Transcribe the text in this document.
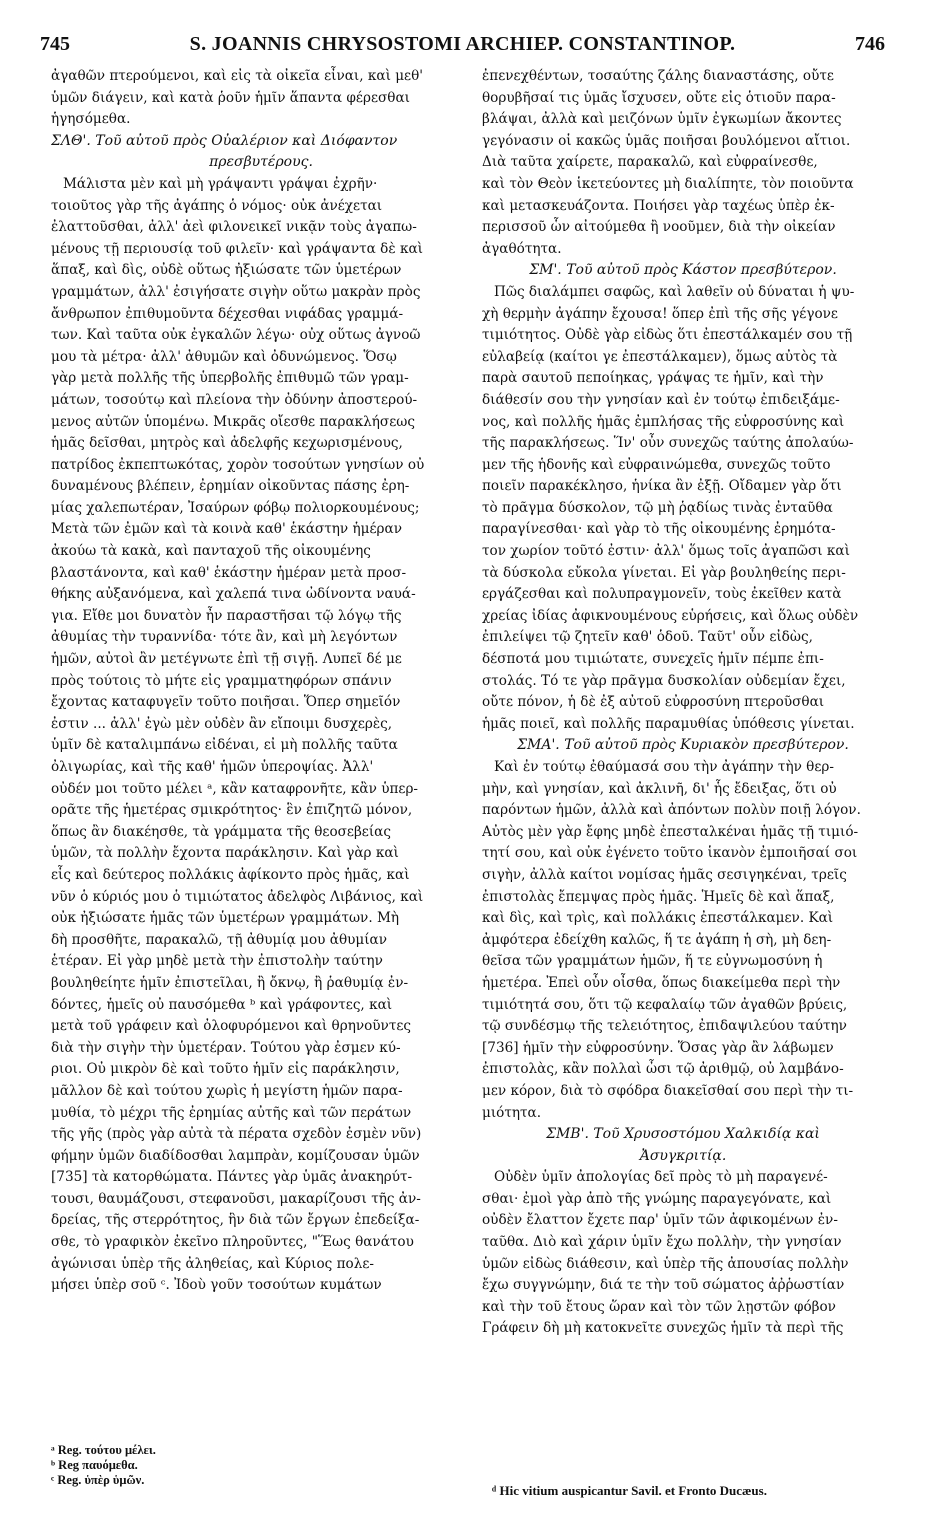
745	S. JOANNIS CHRYSOSTOMI ARCHIEP. CONSTANTINOP.	746
ἀγαθῶν πτερούμενοι, καὶ εἰς τὰ οἰκεῖα εἶναι, καὶ μεθ'
ὑμῶν διάγειν, καὶ κατὰ ῥοῦν ἡμῖν ἅπαντα φέρεσθαι
ἡγησόμεθα.
ΣΛΘ'. Τοῦ αὐτοῦ πρὸς Οὐαλέριον καὶ Διόφαντον
πρεσβυτέρους.
Μάλιστα μὲν καὶ μὴ γράψαντι γράψαι ἐχρῆν·
τοιοῦτος γὰρ τῆς ἀγάπης ὁ νόμος· οὐκ ἀνέχεται
ἐλαττοῦσθαι, ἀλλ' ἀεὶ φιλονεικεῖ νικᾷν τοὺς ἀγαπω-
μένους τῇ περιουσίᾳ τοῦ φιλεῖν· καὶ γράψαντα δὲ καὶ
ἅπαξ, καὶ δὶς, οὐδὲ οὕτως ἠξιώσατε τῶν ὑμετέρων
γραμμάτων, ἀλλ' ἐσιγήσατε σιγὴν οὕτω μακρὰν πρὸς
ἄνθρωπον ἐπιθυμοῦντα δέχεσθαι νιφάδας γραμμά-
των. Καὶ ταῦτα οὐκ ἐγκαλῶν λέγω· οὐχ οὕτως ἀγνοῶ
μου τὰ μέτρα· ἀλλ' ἀθυμῶν καὶ ὀδυνώμενος. Ὅσῳ
γὰρ μετὰ πολλῆς τῆς ὑπερβολῆς ἐπιθυμῶ τῶν γραμ-
μάτων, τοσούτῳ καὶ πλείονα τὴν ὀδύνην ἀποστερού-
μενος αὐτῶν ὑπομένω. Μικρᾶς οἴεσθε παρακλήσεως
ἡμᾶς δεῖσθαι, μητρὸς καὶ ἀδελφῆς κεχωρισμένους,
πατρίδος ἐκπεπτωκότας, χορὸν τοσούτων γνησίων οὐ
δυναμένους βλέπειν, ἐρημίαν οἰκοῦντας πάσης ἐρη-
μίας χαλεπωτέραν, Ἰσαύρων φόβῳ πολιορκουμένους;
Μετὰ τῶν ἐμῶν καὶ τὰ κοινὰ καθ' ἑκάστην ἡμέραν
ἀκούω τὰ κακὰ, καὶ πανταχοῦ τῆς οἰκουμένης
βλαστάνοντα, καὶ καθ' ἑκάστην ἡμέραν μετὰ προσ-
θήκης αὐξανόμενα, καὶ χαλεπά τινα ὠδίνοντα ναυά-
για. Εἴθε μοι δυνατὸν ἦν παραστῆσαι τῷ λόγῳ τῆς
ἀθυμίας τὴν τυραννίδα· τότε ἂν, καὶ μὴ λεγόντων
ἡμῶν, αὐτοὶ ἂν μετέγνωτε ἐπὶ τῇ σιγῇ. Λυπεῖ δέ με
πρὸς τούτοις τὸ μήτε εἰς γραμματηφόρων σπάνιν
ἔχοντας καταφυγεῖν τοῦτο ποιῆσαι. Ὅπερ σημεῖόν
ἐστιν ... ἀλλ' ἐγὼ μὲν οὐδὲν ἂν εἴποιμι δυσχερὲς,
ὑμῖν δὲ καταλιμπάνω εἰδέναι, εἰ μὴ πολλῆς ταῦτα
ὀλιγωρίας, καὶ τῆς καθ' ἡμῶν ὑπεροψίας. Ἀλλ'
οὐδέν μοι τοῦτο μέλει ᵃ, κἂν καταφρονῆτε, κἂν ὑπερ-
ορᾶτε τῆς ἡμετέρας σμικρότητος· ἓν ἐπιζητῶ μόνον,
ὅπως ἂν διακέησθε, τὰ γράμματα τῆς θεοσεβείας
ὑμῶν, τὰ πολλὴν ἔχοντα παράκλησιν. Καὶ γὰρ καὶ
εἷς καὶ δεύτερος πολλάκις ἀφίκοντο πρὸς ἡμᾶς, καὶ
νῦν ὁ κύριός μου ὁ τιμιώτατος ἀδελφὸς Λιβάνιος, καὶ
οὐκ ἠξιώσατε ἡμᾶς τῶν ὑμετέρων γραμμάτων. Μὴ
δὴ προσθῆτε, παρακαλῶ, τῇ ἀθυμίᾳ μου ἀθυμίαν
ἑτέραν. Εἰ γὰρ μηδὲ μετὰ τὴν ἐπιστολὴν ταύτην
βουληθείητε ἡμῖν ἐπιστεῖλαι, ἢ ὄκνῳ, ἢ ῥαθυμίᾳ ἐν-
δόντες, ἡμεῖς οὐ παυσόμεθα ᵇ καὶ γράφοντες, καὶ
μετὰ τοῦ γράφειν καὶ ὀλοφυρόμενοι καὶ θρηνοῦντες
διὰ τὴν σιγὴν τὴν ὑμετέραν. Τούτου γὰρ ἐσμεν κύ-
ριοι. Οὐ μικρὸν δὲ καὶ τοῦτο ἡμῖν εἰς παράκλησιν,
μᾶλλον δὲ καὶ τούτου χωρὶς ἡ μεγίστη ἡμῶν παρα-
μυθία, τὸ μέχρι τῆς ἐρημίας αὐτῆς καὶ τῶν περάτων
τῆς γῆς (πρὸς γὰρ αὐτὰ τὰ πέρατα σχεδὸν ἐσμὲν νῦν)
φήμην ὑμῶν διαδίδοσθαι λαμπρὰν, κομίζουσαν ὑμῶν
[735] τὰ κατορθώματα. Πάντες γὰρ ὑμᾶς ἀνακηρύτ-
τουσι, θαυμάζουσι, στεφανοῦσι, μακαρίζουσι τῆς ἀν-
δρείας, τῆς στερρότητος, ἣν διὰ τῶν ἔργων ἐπεδείξα-
σθε, τὸ γραφικὸν ἐκεῖνο πληροῦντες, "Ἕως θανάτου
ἀγώνισαι ὑπὲρ τῆς ἀληθείας, καὶ Κύριος πολε-
μήσει ὑπὲρ σοῦ ᶜ. Ἰδοὺ γοῦν τοσούτων κυμάτων
ἐπενεχθέντων, τοσαύτης ζάλης διαναστάσης, οὔτε
θορυβῆσαί τις ὑμᾶς ἴσχυσεν, οὔτε εἰς ὁτιοῦν παρα-
βλάψαι, ἀλλὰ καὶ μειζόνων ὑμῖν ἐγκωμίων ἄκοντες
γεγόνασιν οἱ κακῶς ὑμᾶς ποιῆσαι βουλόμενοι αἴτιοι.
Διὰ ταῦτα χαίρετε, παρακαλῶ, καὶ εὐφραίνεσθε,
καὶ τὸν Θεὸν ἱκετεύοντες μὴ διαλίπητε, τὸν ποιοῦντα
καὶ μετασκευάζοντα. Ποιήσει γὰρ ταχέως ὑπὲρ ἐκ-
περισσοῦ ὧν αἰτούμεθα ἢ νοοῦμεν, διὰ τὴν οἰκείαν
ἀγαθότητα.
ΣΜ'. Τοῦ αὐτοῦ πρὸς Κάστον πρεσβύτερον.
Πῶς διαλάμπει σαφῶς, καὶ λαθεῖν οὐ δύναται ἡ ψυ-
χὴ θερμὴν ἀγάπην ἔχουσα! ὅπερ ἐπὶ τῆς σῆς γέγονε
τιμιότητος. Οὐδὲ γὰρ εἰδὼς ὅτι ἐπεστάλκαμέν σου τῇ
εὐλαβείᾳ (καίτοι γε ἐπεστάλκαμεν), ὅμως αὐτὸς τὰ
παρὰ σαυτοῦ πεποίηκας, γράψας τε ἡμῖν, καὶ τὴν
διάθεσίν σου τὴν γνησίαν καὶ ἐν τούτῳ ἐπιδειξάμε-
νος, καὶ πολλῆς ἡμᾶς ἐμπλήσας τῆς εὐφροσύνης καὶ
τῆς παρακλήσεως. Ἵν' οὖν συνεχῶς ταύτης ἀπολαύω-
μεν τῆς ἡδονῆς καὶ εὐφραινώμεθα, συνεχῶς τοῦτο
ποιεῖν παρακέκλησο, ἡνίκα ἂν ἐξῇ. Οἴδαμεν γὰρ ὅτι
τὸ πρᾶγμα δύσκολον, τῷ μὴ ῥᾳδίως τινὰς ἐνταῦθα
παραγίνεσθαι· καὶ γὰρ τὸ τῆς οἰκουμένης ἐρημότα-
τον χωρίον τοῦτό ἐστιν· ἀλλ' ὅμως τοῖς ἀγαπῶσι καὶ
τὰ δύσκολα εὔκολα γίνεται. Εἰ γὰρ βουληθείης περι-
εργάζεσθαι καὶ πολυπραγμονεῖν, τοὺς ἐκεῖθεν κατὰ
χρείας ἰδίας ἀφικνουμένους εὑρήσεις, καὶ ὅλως οὐδὲν
ἐπιλείψει τῷ ζητεῖν καθ' ὁδοῦ. Ταῦτ' οὖν εἰδὼς,
δέσποτά μου τιμιώτατε, συνεχεῖς ἡμῖν πέμπε ἐπι-
στολάς. Τό τε γὰρ πρᾶγμα δυσκολίαν οὐδεμίαν ἔχει,
οὔτε πόνον, ἡ δὲ ἐξ αὐτοῦ εὐφροσύνη πτεροῦσθαι
ἡμᾶς ποιεῖ, καὶ πολλῆς παραμυθίας ὑπόθεσις γίνεται.
ΣΜΑ'. Τοῦ αὐτοῦ πρὸς Κυριακὸν πρεσβύτερον.
Καὶ ἐν τούτῳ ἐθαύμασά σου τὴν ἀγάπην τὴν θερ-
μὴν, καὶ γνησίαν, καὶ ἀκλινῆ, δι' ἧς ἔδειξας, ὅτι οὐ
παρόντων ἡμῶν, ἀλλὰ καὶ ἀπόντων πολὺν ποιῇ λόγον.
Αὐτὸς μὲν γὰρ ἔφης μηδὲ ἐπεσταλκέναι ἡμᾶς τῇ τιμιό-
τητί σου, καὶ οὐκ ἐγένετο τοῦτο ἱκανὸν ἐμποιῆσαί σοι
σιγὴν, ἀλλὰ καίτοι νομίσας ἡμᾶς σεσιγηκέναι, τρεῖς
ἐπιστολὰς ἔπεμψας πρὸς ἡμᾶς. Ἡμεῖς δὲ καὶ ἅπαξ,
καὶ δὶς, καὶ τρὶς, καὶ πολλάκις ἐπεστάλκαμεν. Καὶ
ἀμφότερα ἐδείχθη καλῶς, ἥ τε ἀγάπη ἡ σὴ, μὴ δεη-
θεῖσα τῶν γραμμάτων ἡμῶν, ἥ τε εὐγνωμοσύνη ἡ
ἡμετέρα. Ἐπεὶ οὖν οἶσθα, ὅπως διακείμεθα περὶ τὴν
τιμιότητά σου, ὅτι τῷ κεφαλαίῳ τῶν ἀγαθῶν βρύεις,
τῷ συνδέσμῳ τῆς τελειότητος, ἐπιδαψιλεύου ταύτην
[736] ἡμῖν τὴν εὐφροσύνην. Ὅσας γὰρ ἂν λάβωμεν
ἐπιστολὰς, κἂν πολλαὶ ὦσι τῷ ἀριθμῷ, οὐ λαμβάνο-
μεν κόρον, διὰ τὸ σφόδρα διακεῖσθαί σου περὶ τὴν τι-
μιότητα.
ΣΜΒ'. Τοῦ Χρυσοστόμου Χαλκιδίᾳ καὶ
Ἀσυγκριτίᾳ.
Οὐδὲν ὑμῖν ἀπολογίας δεῖ πρὸς τὸ μὴ παραγενέ-
σθαι· ἐμοὶ γὰρ ἀπὸ τῆς γνώμης παραγεγόνατε, καὶ
οὐδὲν ἔλαττον ἔχετε παρ' ὑμῖν τῶν ἀφικομένων ἐν-
ταῦθα. Διὸ καὶ χάριν ὑμῖν ἔχω πολλὴν, τὴν γνησίαν
ὑμῶν εἰδὼς διάθεσιν, καὶ ὑπὲρ τῆς ἀπουσίας πολλὴν
ἔχω συγγνώμην, διά τε τὴν τοῦ σώματος ἀῤῥωστίαν
καὶ τὴν τοῦ ἔτους ὥραν καὶ τὸν τῶν λῃστῶν φόβον
Γράφειν δὴ μὴ κατοκνεῖτε συνεχῶς ἡμῖν τὰ περὶ τῆς
ᵃ Reg. τούτου μέλει.
ᵇ Reg παυόμεθα.
ᶜ Reg. ὑπὲρ ὑμῶν.
ᵈ Hic vitium auspicantur Savil. et Fronto Ducæus.
